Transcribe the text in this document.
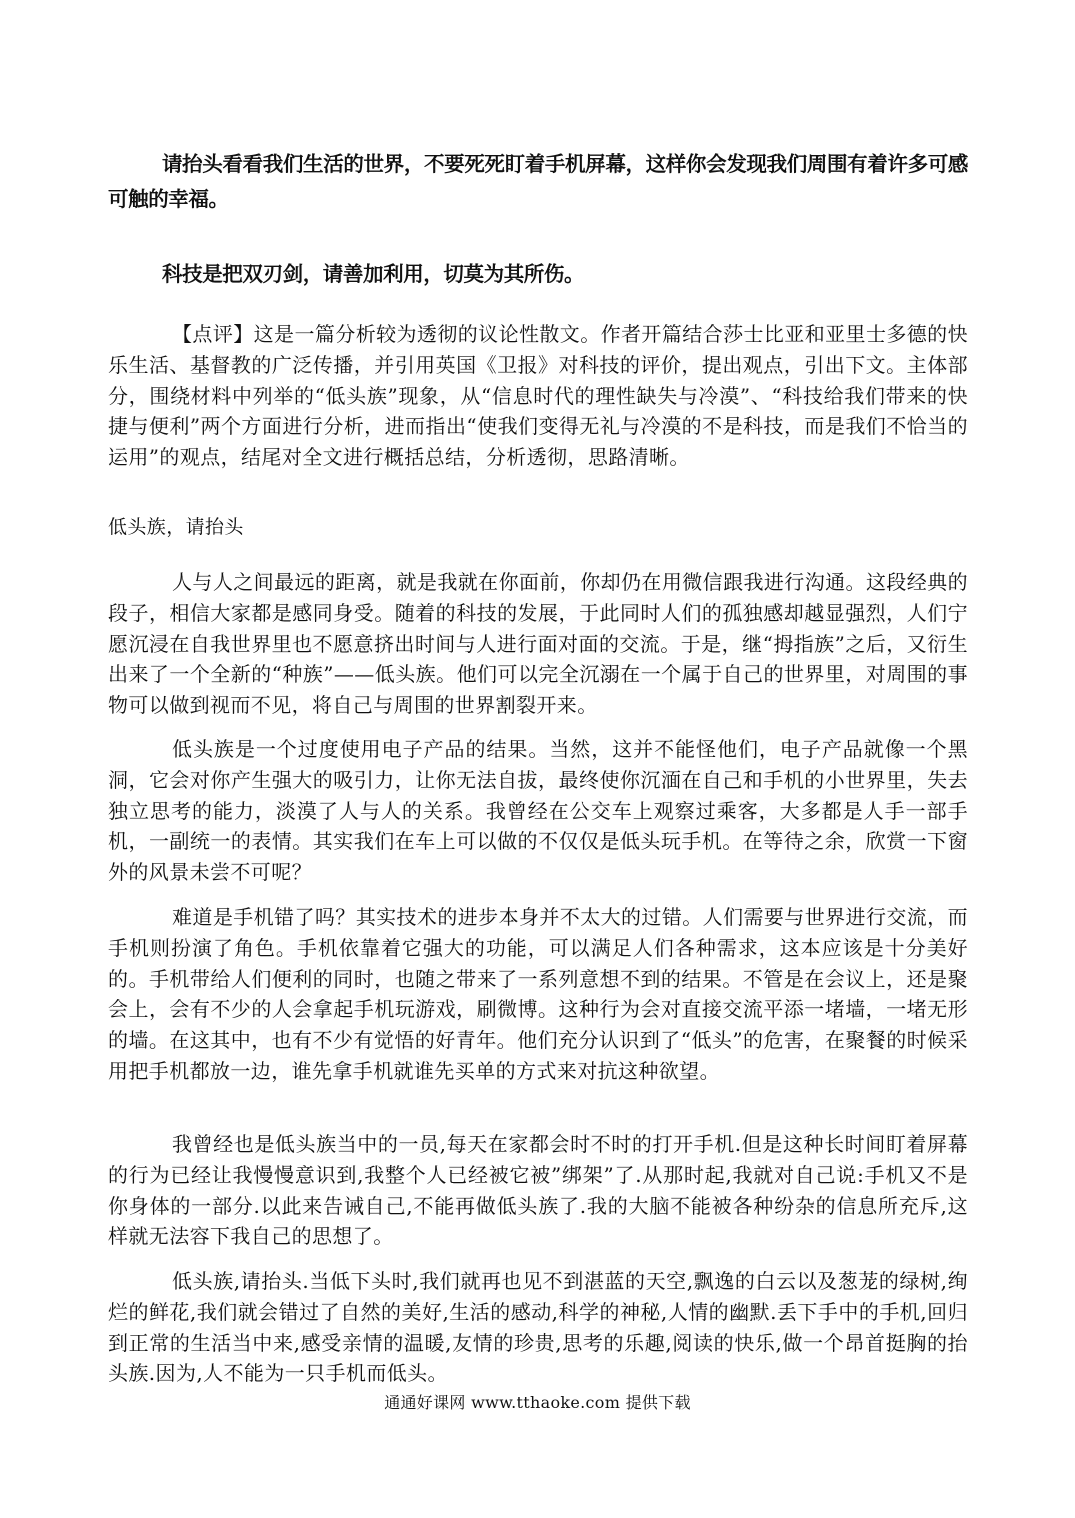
请抬头看看我们生活的世界，不要死死盯着手机屏幕，这样你会发现我们周围有着许多可感可触的幸福。

科技是把双刃剑，请善加利用，切莫为其所伤。

【点评】这是一篇分析较为透彻的议论性散文。作者开篇结合莎士比亚和亚里士多德的快乐生活、基督教的广泛传播，并引用英国《卫报》对科技的评价，提出观点，引出下文。主体部分，围绕材料中列举的“低头族”现象，从“信息时代的理性缺失与冷漠”、“科技给我们带来的快捷与便利”两个方面进行分析，进而指出“使我们变得无礼与冷漠的不是科技，而是我们不恰当的运用”的观点，结尾对全文进行概括总结，分析透彻，思路清晰。

低头族，请抬头

人与人之间最远的距离，就是我就在你面前，你却仍在用微信跟我进行沟通。这段经典的段子，相信大家都是感同身受。随着的科技的发展，于此同时人们的孤独感却越显强烈，人们宁愿沉浸在自我世界里也不愿意挤出时间与人进行面对面的交流。于是，继“拇指族”之后，又衍生出来了一个全新的“种族”——低头族。他们可以完全沉溺在一个属于自己的世界里，对周围的事物可以做到视而不见，将自己与周围的世界割裂开来。

低头族是一个过度使用电子产品的结果。当然，这并不能怪他们，电子产品就像一个黑洞，它会对你产生强大的吸引力，让你无法自拔，最终使你沉湎在自己和手机的小世界里，失去独立思考的能力，淡漠了人与人的关系。我曾经在公交车上观察过乘客，大多都是人手一部手机，一副统一的表情。其实我们在车上可以做的不仅仅是低头玩手机。在等待之余，欣赏一下窗外的风景未尝不可呢？

难道是手机错了吗？其实技术的进步本身并不太大的过错。人们需要与世界进行交流，而手机则扮演了角色。手机依靠着它强大的功能，可以满足人们各种需求，这本应该是十分美好的。手机带给人们便利的同时，也随之带来了一系列意想不到的结果。不管是在会议上，还是聚会上，会有不少的人会拿起手机玩游戏，刷微博。这种行为会对直接交流平添一堵墙，一堵无形的墙。在这其中，也有不少有觉悟的好青年。他们充分认识到了“低头”的危害，在聚餐的时候采用把手机都放一边，谁先拿手机就谁先买单的方式来对抗这种欲望。

我曾经也是低头族当中的一员,每天在家都会时不时的打开手机.但是这种长时间盯着屏幕的行为已经让我慢慢意识到,我整个人已经被它被”绑架”了.从那时起,我就对自己说:手机又不是你身体的一部分.以此来告诫自己,不能再做低头族了.我的大脑不能被各种纷杂的信息所充斥,这样就无法容下我自己的思想了。

低头族,请抬头.当低下头时,我们就再也见不到湛蓝的天空,飘逸的白云以及葱茏的绿树,绚烂的鲜花,我们就会错过了自然的美好,生活的感动,科学的神秘,人情的幽默.丢下手中的手机,回归到正常的生活当中来,感受亲情的温暖,友情的珍贵,思考的乐趣,阅读的快乐,做一个昂首挺胸的抬头族.因为,人不能为一只手机而低头。

通通好课网 www.tthaoke.com 提供下载
